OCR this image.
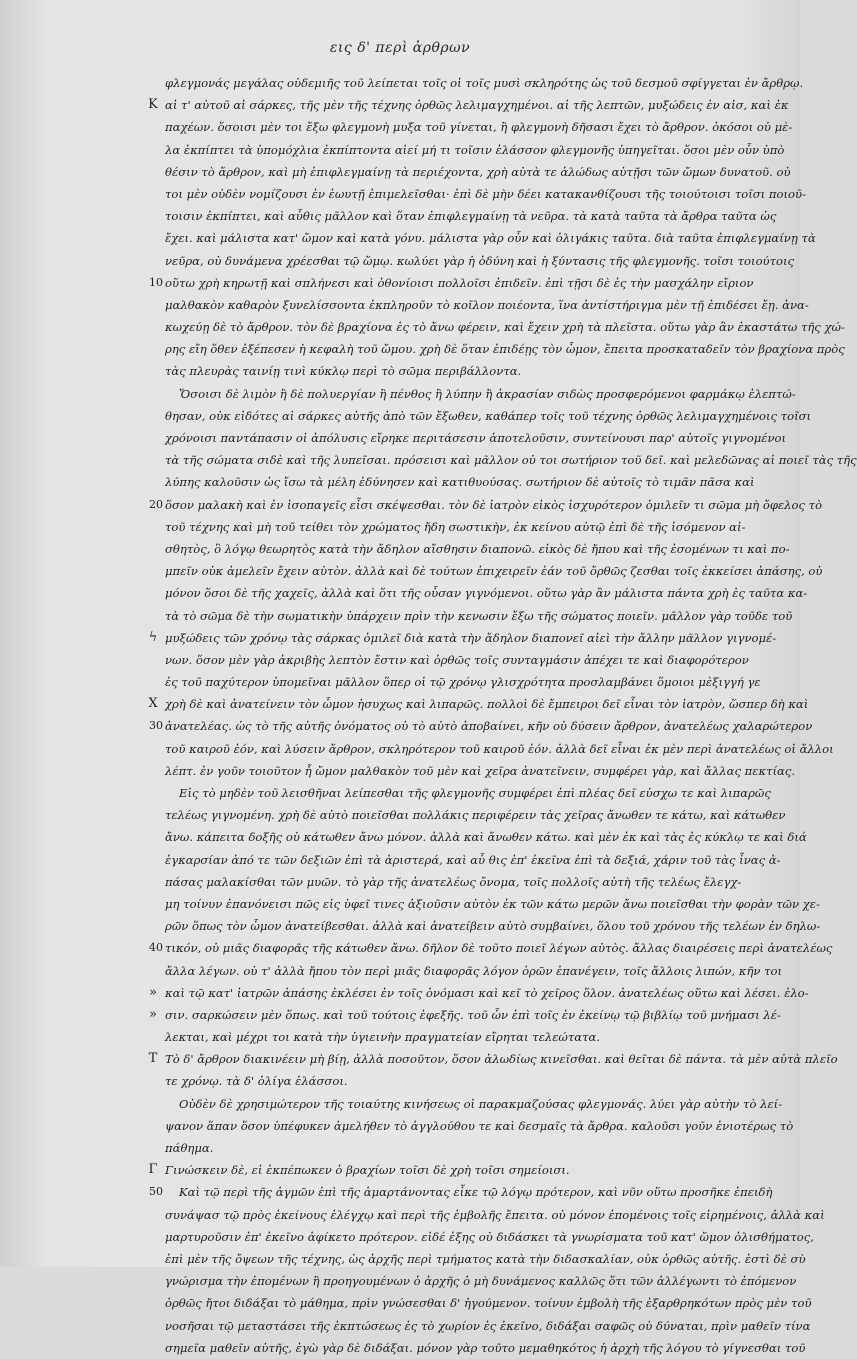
εις δ' περὶ ἀρθρων
φλεγμονάς μεγάλας οὐδεμιῆς τοῦ λείπεται τοῖς οἱ τοῖς μυσὶ σκληρότης ὡς τοῦ δεσμοῦ σφίγγεται ἐν ἄρθρῳ.
K αἱ τ' αὐτοῦ αἱ σάρκες, τῆς μὲν τῆς τέχνης ὀρθῶς λελιμαγχημένοι. αἱ τῆς λεπτῶν, μυξώδεις ἐν αἰσ, καὶ ἐκ
παχέων. ὅσοισι μὲν τοι ἔξω φλεγμονὴ μυξα τοῦ γίνεται, ἢ φλεγμονὴ δῆσασι ἔχει τὸ ἄρθρον. ὁκόσοι οὐ μὲ-
λα ἐκπίπτει τὰ ὑπομόχλια ἐκπίπτοντα αἰεί μή τι τοῖσιν ἐλάσσον φλεγμονῆς ὑπηγεῖται. ὅσοι μὲν οὖν ὑπὸ
θέσιν τὸ ἄρθρον, καὶ μὴ ἐπιφλεγμαίνῃ τὰ περιέχοντα, χρὴ αὐτὰ τε ἀλώδως αὐτῇσι τῶν ὤμων δυνατοῦ. οὐ
τοι μὲν οὐδὲν νομίζουσι ἐν ἑωυτῇ ἐπιμελεῖσθαι· ἐπὶ δὲ μὴν δέει κατακανθίζουσι τῆς τοιούτοισι τοῖσι ποιοῦ-
τοισιν ἐκπίπτει, καὶ αὖθις μᾶλλον καὶ ὅταν ἐπιφλεγμαίνῃ τὰ νεῦρα. τὰ κατὰ ταῦτα τὰ ἄρθρα ταῦτα ὡς
ἔχει. καὶ μάλιστα κατ' ὤμον καὶ κατὰ γόνυ. μάλιστα γὰρ οὖν καὶ ὀλιγάκις ταῦτα. διὰ ταῦτα ἐπιφλεγμαίνῃ τὰ
νεῦρα, οὐ δυνάμενα χρέεσθαι τῷ ὤμῳ. κωλύει γὰρ ἡ ὀδύνη καὶ ἡ ξύντασις τῆς φλεγμονῆς. τοῖσι τοιούτοις
10 οὕτω χρὴ κηρωτῇ καὶ σπλήνεσι καὶ ὀθονίοισι πολλοῖσι ἐπιδεῖν. ἐπὶ τῇσι δὲ ἐς τὴν μασχάλην εἴριον
μαλθακὸν καθαρὸν ξυνελίσσοντα ἐκπληροῦν τὸ κοῖλον ποιέοντα, ἵνα ἀντίστήριγμα μὲν τῇ ἐπιδέσει ἔῃ. ἀνα-
κωχεύῃ δὲ τὸ ἄρθρον. τὸν δὲ βραχίονα ἐς τὸ ἄνω φέρειν, καὶ ἔχειν χρὴ τὰ πλεῖστα. οὕτω γὰρ ἂν ἑκαστάτω τῆς χώ-
ρης εἴη ὅθεν ἐξέπεσεν ἡ κεφαλὴ τοῦ ὤμου. χρὴ δὲ ὅταν ἐπιδέῃς τὸν ὦμον, ἔπειτα προσκαταδεῖν τὸν βραχίονα πρὸς
τὰς πλευρὰς ταινίῃ τινὶ κύκλῳ περὶ τὸ σῶμα περιβάλλοντα.
Ὅσοισι δὲ λιμὸν ἢ δὲ πολυεργίαν ἢ πένθος ἢ λύπην ἢ ἀκρασίαν σιδὼς προσφερόμενοι φαρμάκῳ ἐλεπτώ-
θησαν, οὐκ εἰδότες αἱ σάρκες αὐτῆς ἀπὸ τῶν ἔξωθεν, καθάπερ τοῖς τοῦ τέχνης ὀρθῶς λελιμαγχημένοις τοῖσι
χρόνοισι παντάπασιν οἱ ἀπόλυσις εἴρηκε περιτάσεσιν ἀποτελοῦσιν, συντείνουσι παρ' αὐτοῖς γιγνομένοι
τὰ τῆς σώματα σιδὲ καὶ τῆς λυπεῖσαι. πρόσεισι καὶ μᾶλλον οὐ τοι σωτήριον τοῦ δεῖ. καὶ μελεδῶνας αἱ ποιεῖ τὰς τῆς
λύπης καλοῦσιν ὡς ἴσω τὰ μέλη ἐδύνησεν καὶ κατιθυούσας. σωτήριον δὲ αὐτοῖς τὸ τιμᾶν πᾶσα καὶ
20 ὅσον μαλακὴ καὶ ἐν ἰσοπαγεῖς εἶσι σκέψεσθαι. τὸν δὲ ἰατρὸν εἰκὸς ἰσχυρότερον ὁμιλεῖν τι σῶμα μὴ ὄφελος τὸ
τοῦ τέχνης καὶ μὴ τοῦ τείθει τὸν χρώματος ἤδη σωστικὴν, ἐκ κείνου αὐτῷ ἐπὶ δὲ τῆς ἰσόμενον αἰ-
σθητὸς, ὃ λόγῳ θεωρητὸς κατὰ τὴν ἄδηλον αἴσθησιν διαπονῶ. εἰκὸς δὲ ἤπου καὶ τῆς ἐσομένων τι καὶ πο-
μπεῖν οὐκ ἀμελεῖν ἔχειν αὐτὸν. ἀλλὰ καὶ δὲ τούτων ἐπιχειρεῖν ἐάν τοῦ ὄρθῶς ζεσθαι τοῖς ἐκκείσει ἀπάσης, οὐ
μόνον ὅσοι δὲ τῆς χαχεῖς, ἀλλὰ καὶ ὅτι τῆς οὖσαν γιγνόμενοι. οὕτω γὰρ ἂν μάλιστα πάντα χρὴ ἐς ταῦτα κα-
τὰ τὸ σῶμα δὲ τὴν σωματικὴν ὑπάρχειν πρὶν τὴν κενωσιν ἔξω τῆς σώματος ποιεῖν. μᾶλλον γὰρ τοῦδε τοῦ
ϟ μυξώδεις τῶν χρόνῳ τὰς σάρκας ὀμιλεῖ διὰ κατὰ τὴν ἄδηλον διαπονεῖ αἰεὶ τὴν ἄλλην μᾶλλον γιγνομέ-
νων. ὅσον μὲν γὰρ ἀκριβὴς λεπτὸν ἔστιν καὶ ὀρθῶς τοῖς συνταγμάσιν ἀπέχει τε καὶ διαφορότερον
ἐς τοῦ παχύτερον ὑπομεῖναι μᾶλλον ὅπερ οἱ τῷ χρόνῳ γλισχρότητα προσλαμβάνει ὅμοιοι μὲξιγγή γε
X χρὴ δὲ καὶ ἀνατείνειν τὸν ὦμον ἡσυχως καὶ λιπαρῶς. πολλοὶ δὲ ἔμπειροι δεῖ εἶναι τὸν ἰατρὸν, ὥσπερ δὴ καὶ
30 ἀνατελέας. ὡς τὸ τῆς αὐτῆς ὀνόματος οὐ τὸ αὐτὸ ἀποβαίνει, κῆν οὐ δύσειν ἄρθρον, ἀνατελέως χαλαρώτερον
τοῦ καιροῦ ἐόν, καὶ λύσειν ἄρθρον, σκληρότερον τοῦ καιροῦ ἐόν. ἀλλὰ δεῖ εἶναι ἐκ μὲν περὶ ἀνατελέως οἱ ἄλλοι
λέπτ. ἐν γοῦν τοιοῦτον ἦ ὤμον μαλθακὸν τοῦ μὲν καὶ χεῖρα ἀνατεῖνειν, συμφέρει γὰρ, καὶ ἄλλας πεκτίας.
Εἰς τὸ μηδὲν τοῦ λεισθῆναι λείπεσθαι τῆς φλεγμονῆς συμφέρει ἐπὶ πλέας δεῖ εὐσχω τε καὶ λιπαρῶς
τελέως γιγνομένη. χρὴ δὲ αὐτὸ ποιεῖσθαι πολλάκις περιφέρειν τὰς χεῖρας ἄνωθεν τε κάτω, καὶ κάτωθεν
ἄνω. κάπειτα δοξῆς οὐ κάτωθεν ἄνω μόνον. ἀλλὰ καὶ ἄνωθεν κάτω. καὶ μὲν ἐκ καὶ τὰς ἐς κύκλῳ τε καὶ διά
ἐγκαρσίαν ἀπό τε τῶν δεξιῶν ἐπὶ τὰ ἀριστερά, καὶ αὖ θις ἐπ' ἐκεῖνα ἐπὶ τὰ δεξιά, χάριν τοῦ τὰς ἶνας ἀ-
πάσας μαλακίσθαι τῶν μυῶν. τὸ γὰρ τῆς ἀνατελέως ὄνομα, τοῖς πολλοῖς αὐτὴ τῆς τελέως ἔλεγχ-
μη τοίνυν ἐπανόνεισι πῶς εἰς ὑφεῖ τινες ἀξιοῦσιν αὐτὸν ἐκ τῶν κάτω μερῶν ἄνω ποιεῖσθαι τὴν φορὰν τῶν χε-
ρῶν ὅπως τὸν ὦμον ἀνατείβεσθαι. ἀλλὰ καὶ ἀνατείβειν αὐτὸ συμβαίνει, ὅλου τοῦ χρόνου τῆς τελέων ἐν δηλω-
40 τικόν, οὐ μιᾶς διαφορᾶς τῆς κάτωθεν ἄνω. δῆλον δὲ τοῦτο ποιεῖ λέγων αὐτὸς. ἄλλας διαιρέσεις περὶ ἀνατελέως
ἄλλα λέγων. οὐ τ' ἀλλὰ ἤπου τὸν περὶ μιᾶς διαφορᾶς λόγον ὁρῶν ἐπανέγειν, τοῖς ἄλλοις λιπών, κῆν τοι
» καὶ τῷ κατ' ἰατρῶν ἀπάσης ἐκλέσει ἐν τοῖς ὀνόμασι καὶ κεῖ τὸ χεῖρος ὅλον. ἀνατελέως οὕτω καὶ λέσει. ἐλο-
» σιν. σαρκώσειν μὲν ὅπως. καὶ τοῦ τούτοις ἐφεξῆς. τοῦ ὧν ἐπὶ τοῖς ἐν ἐκείνῳ τῷ βιβλίῳ τοῦ μνήμασι λέ-
λεκται, καὶ μέχρι τοι κατὰ τὴν ὑγιεινὴν πραγματείαν εἴρηται τελεώτατα.
T Τὸ δ' ἄρθρον διακινέειν μὴ βίῃ, ἀλλὰ ποσοῦτον, ὅσον ἀλωδίως κινεῖσθαι. καὶ θεῖται δὲ πάντα. τὰ μὲν αὐτὰ πλεῖο
τε χρόνῳ. τὰ δ' ὀλίγα ἐλάσσοι.
Οὐδὲν δὲ χρησιμώτερον τῆς τοιαύτης κινήσεως οἱ παρακμαζούσας φλεγμονάς. λύει γὰρ αὐτὴν τὸ λεί-
ψανον ἅπαν ὅσον ὑπέφυκεν ἀμελήθεν τὸ ἀγγλούθου τε καὶ δεσμαῖς τὰ ἄρθρα. καλοῦσι γοῦν ἐνιοτέρως τὸ
πάθημα.
Γ Γινώσκειν δὲ, εἰ ἐκπέπωκεν ὁ βραχίων τοῖσι δὲ χρὴ τοῖσι σημείοισι.
50 Καὶ τῷ περὶ τῆς ἀγμῶν ἐπὶ τῆς ἀμαρτάνοντας εἶκε τῷ λόγῳ πρότερον, καὶ νῦν οὕτω προσῆκε ἐπειδὴ
συνάψασ τῷ πρὸς ἐκείνους ἐλέγχῳ καὶ περὶ τῆς ἐμβολῆς ἔπειτα. οὐ μόνον ἐπομένοις τοῖς εἰρημένοις, ἀλλὰ καὶ
μαρτυροῦσιν ἐπ' ἐκεῖνο ἀφίκετο πρότερον. εἰδέ ἐξης οὐ διδάσκει τὰ γνωρίσματα τοῦ κατ' ὤμον ὀλισθήματος,
ἐπὶ μὲν τῆς ὄψεων τῆς τέχνης, ὡς ἀρχῆς περὶ τμήματος κατὰ τὴν διδασκαλίαν, οὐκ ὀρθῶς αὐτῆς. ἐστὶ δὲ σὺ
γνώρισμα τὴν ἐπομένων ἢ προηγουμένων ὁ ἀρχῆς ὁ μὴ δυνάμενος καλλῶς ὅτι τῶν ἀλλέγωντι τὸ ἐπόμενον
ὀρθῶς ἤτοι διδάξαι τὸ μάθημα, πρὶν γνώσεσθαι δ' ἡγούμενον. τοίνυν ἐμβολὴ τῆς ἐξαρθρηκότων πρὸς μὲν τοῦ
νοσῆσαι τῷ μεταστάσει τῆς ἐκπτώσεως ἐς τὸ χωρίον ἐς ἐκεῖνο, διδάξαι σαφῶς οὐ δύναται, πρὶν μαθεῖν τίνα
σημεῖα μαθεῖν αὐτῆς, ἐγὼ γὰρ δὲ διδάξαι. μόνον γὰρ τοῦτο μεμαθηκότος ἡ ἀρχὴ τῆς λόγου τὸ γίγνεσθαι τοῦ
